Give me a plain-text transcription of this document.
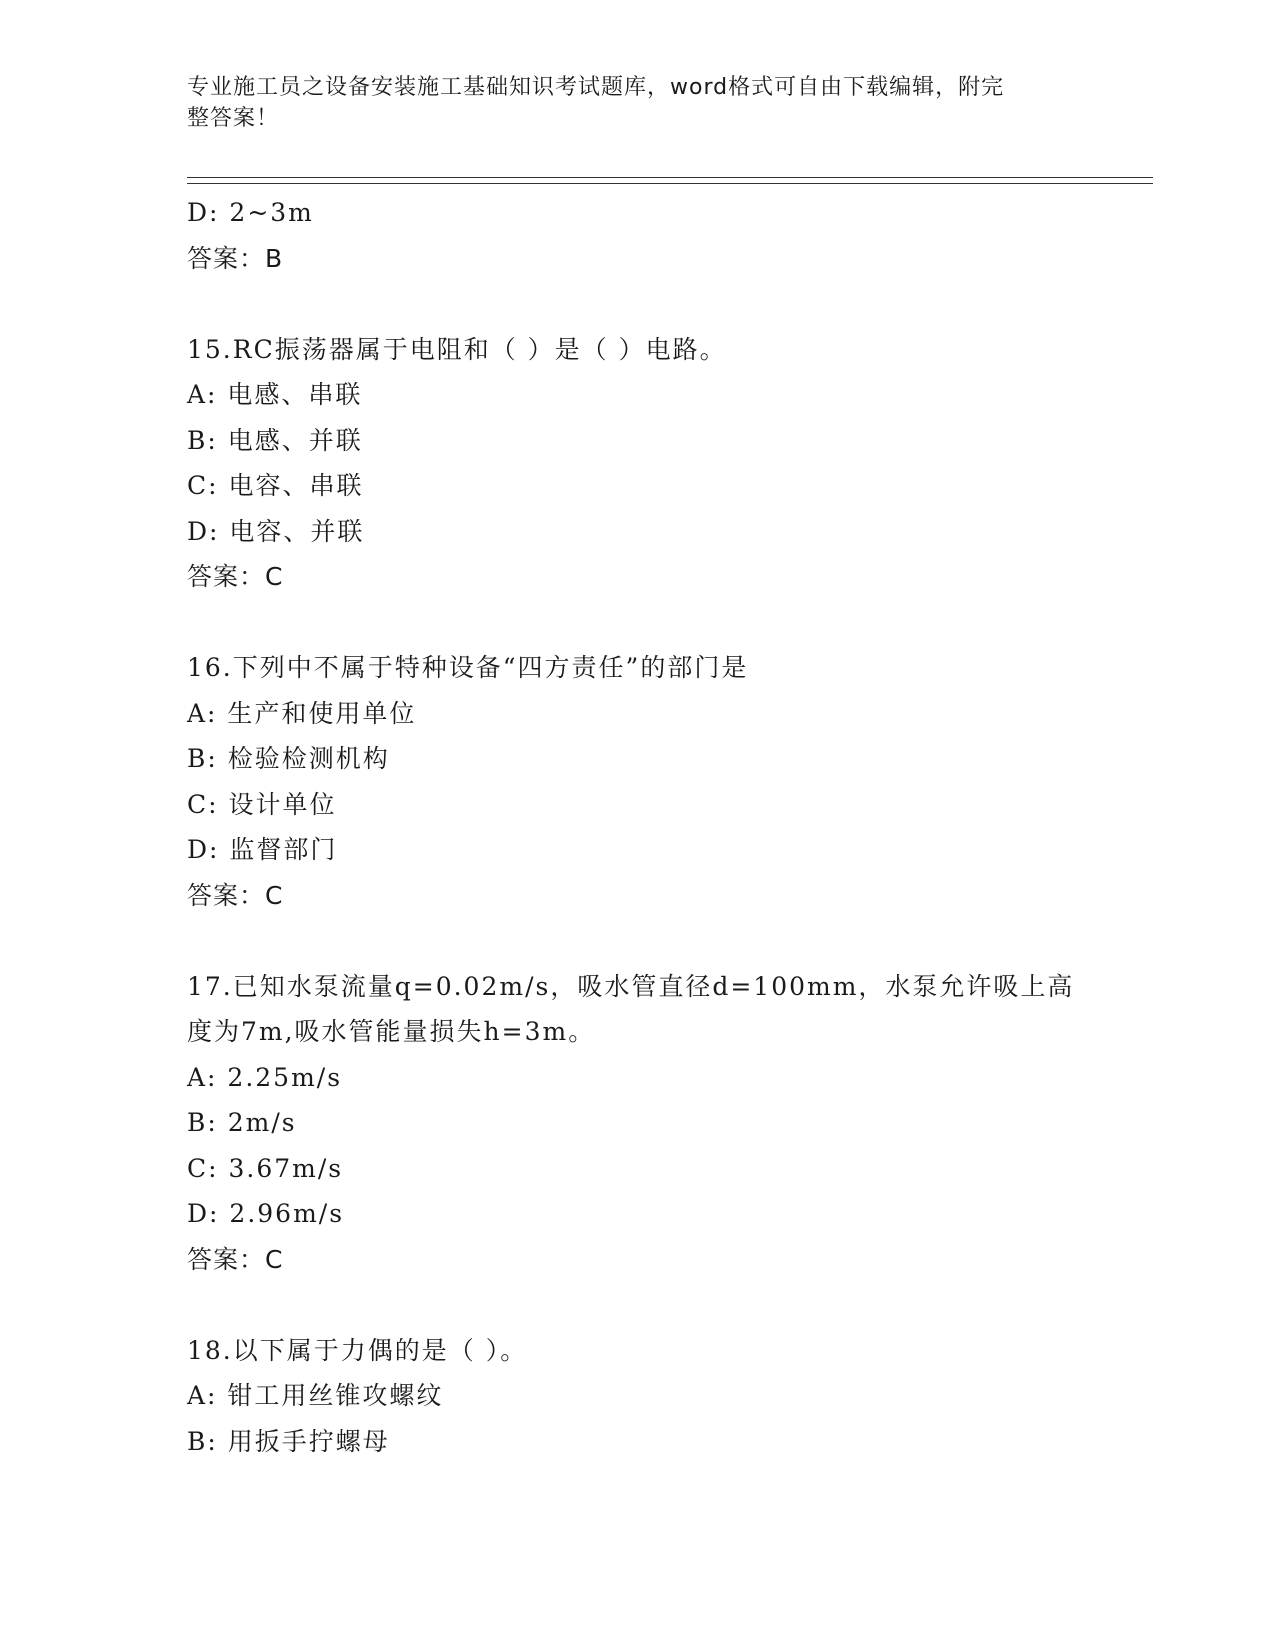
专业施工员之设备安装施工基础知识考试题库，word格式可自由下载编辑，附完
整答案！
D: 2~3m
答案：B
15.RC振荡器属于电阻和（ ）是（ ）电路。
A: 电感、串联
B: 电感、并联
C: 电容、串联
D: 电容、并联
答案：C
16.下列中不属于特种设备“四方责任”的部门是
A: 生产和使用单位
B: 检验检测机构
C: 设计单位
D: 监督部门
答案：C
17.已知水泵流量q=0.02m/s，吸水管直径d=100mm，水泵允许吸上高
度为7m,吸水管能量损失h=3m。
A: 2.25m/s
B: 2m/s
C: 3.67m/s
D: 2.96m/s
答案：C
18.以下属于力偶的是（ ）。
A: 钳工用丝锥攻螺纹
B: 用扳手拧螺母
